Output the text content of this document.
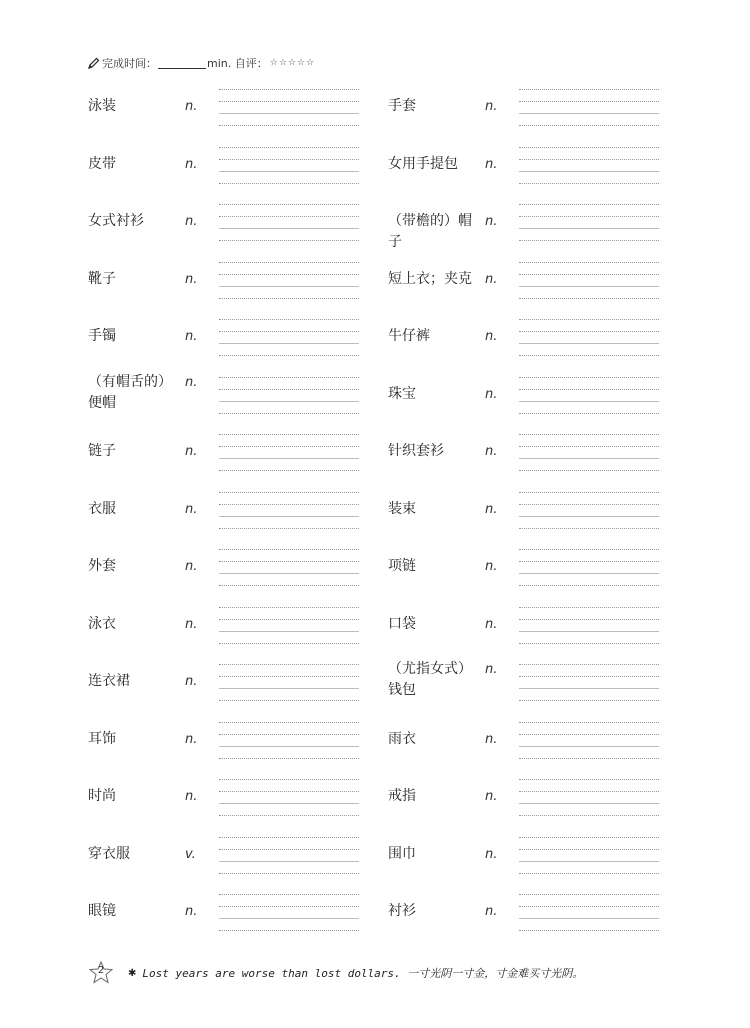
完成时间：	min. 自评： ☆☆☆☆☆
泳装	n.
皮带	n.
女式衬衫	n.
靴子	n.
手镯	n.
（有帽舌的）
便帽
n.
链子	n.
衣服	n.
外套	n.
泳衣	n.
连衣裙	n.
耳饰	n.
时尚	n.
穿衣服	v.
眼镜	n.
手套	n.
女用手提包	n.
（带檐的）帽子
n.
短上衣；夹克	n.
牛仔裤	n.
珠宝	n.
针织套衫	n.
装束	n.
项链	n.
口袋	n.
（尤指女式）
钱包
n.
雨衣	n.
戒指	n.
围巾	n.
衬衫	n.
2	✱ Lost years are worse than lost dollars. 一寸光阴一寸金，寸金难买寸光阴。
